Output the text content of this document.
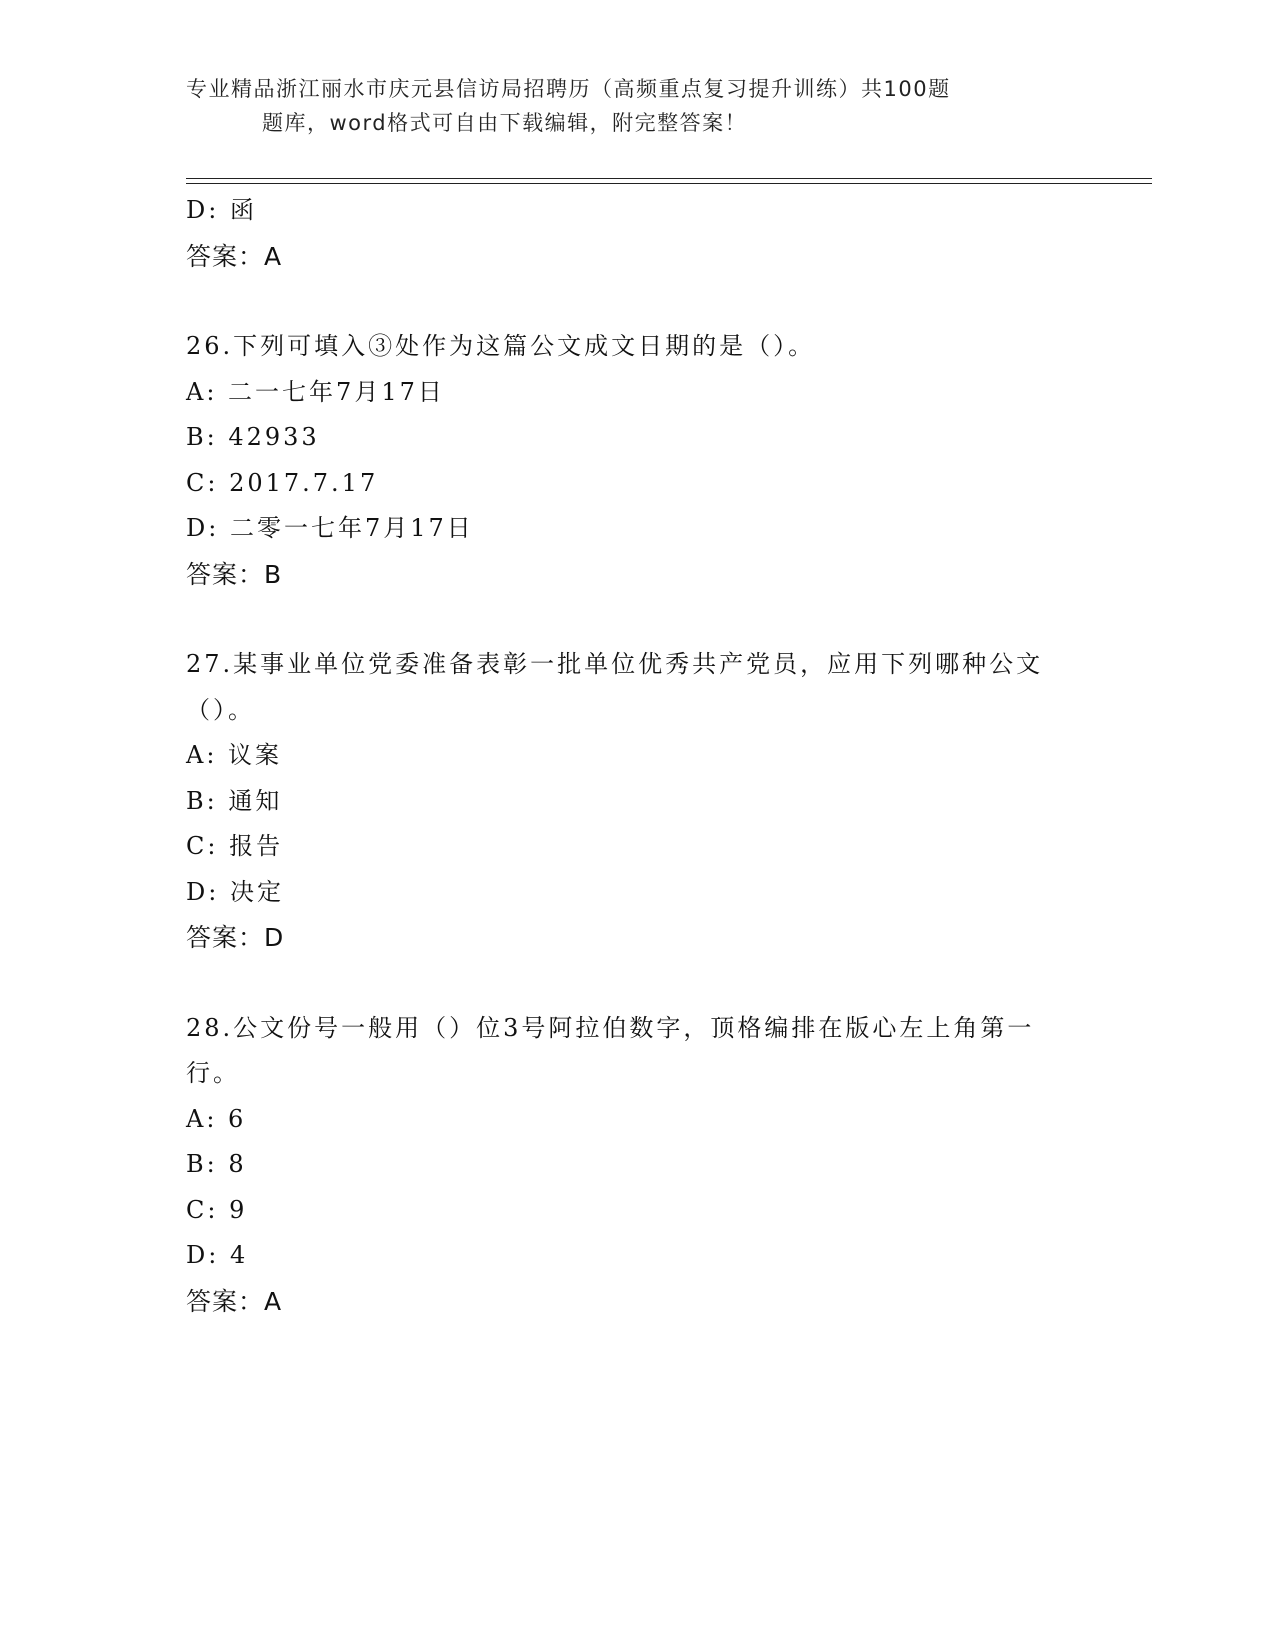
专业精品浙江丽水市庆元县信访局招聘历（高频重点复习提升训练）共100题
题库，word格式可自由下载编辑，附完整答案！
D: 函
答案：A
26.下列可填入③处作为这篇公文成文日期的是（）。
A: 二一七年7月17日
B: 42933
C: 2017.7.17
D: 二零一七年7月17日
答案：B
27.某事业单位党委准备表彰一批单位优秀共产党员，应用下列哪种公文（）。
A: 议案
B: 通知
C: 报告
D: 决定
答案：D
28.公文份号一般用（）位3号阿拉伯数字，顶格编排在版心左上角第一行。
A: 6
B: 8
C: 9
D: 4
答案：A
